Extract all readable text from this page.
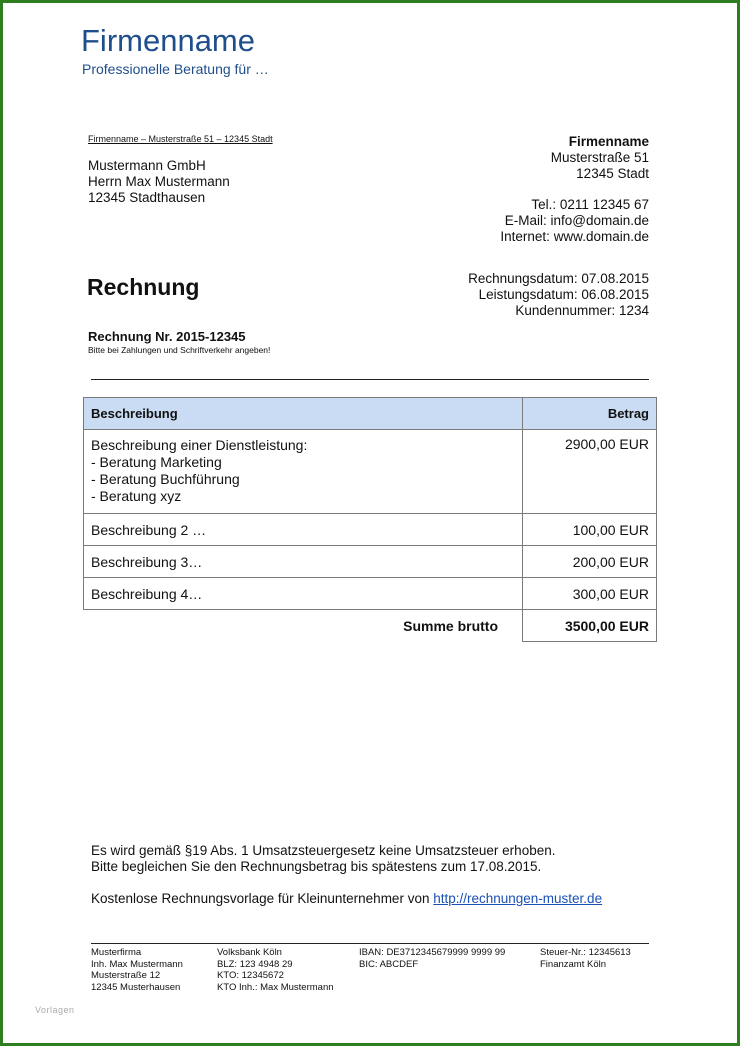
Firmenname
Professionelle Beratung für …
Firmenname – Musterstraße 51 – 12345 Stadt
Mustermann GmbH
Herrn Max Mustermann
12345 Stadthausen
Firmenname
Musterstraße 51
12345 Stadt
Tel.: 0211 12345 67
E-Mail: info@domain.de
Internet: www.domain.de
Rechnung	Rechnungsdatum: 07.08.2015
Leistungsdatum: 06.08.2015
Kundennummer: 1234
Rechnung Nr. 2015-12345
Bitte bei Zahlungen und Schriftverkehr angeben!
Beschreibung	Betrag

Beschreibung einer Dienstleistung:
- Beratung Marketing
- Beratung Buchführung
- Beratung xyz	2900,00 EUR
Beschreibung 2 …	100,00 EUR
Beschreibung 3…	200,00 EUR
Beschreibung 4…	300,00 EUR
Summe brutto	3500,00 EUR
Es wird gemäß §19 Abs. 1 Umsatzsteuergesetz keine Umsatzsteuer erhoben.
Bitte begleichen Sie den Rechnungsbetrag bis spätestens zum 17.08.2015.
Kostenlose Rechnungsvorlage für Kleinunternehmer von http://rechnungen-muster.de
Musterfirma
Inh. Max Mustermann
Musterstraße 12
12345 Musterhausen
Volksbank Köln
BLZ: 123 4948 29
KTO: 12345672
KTO Inh.: Max Mustermann
IBAN: DE3712345679999 9999 99
BIC: ABCDEF
Steuer-Nr.: 12345613
Finanzamt Köln
Vorlagen
